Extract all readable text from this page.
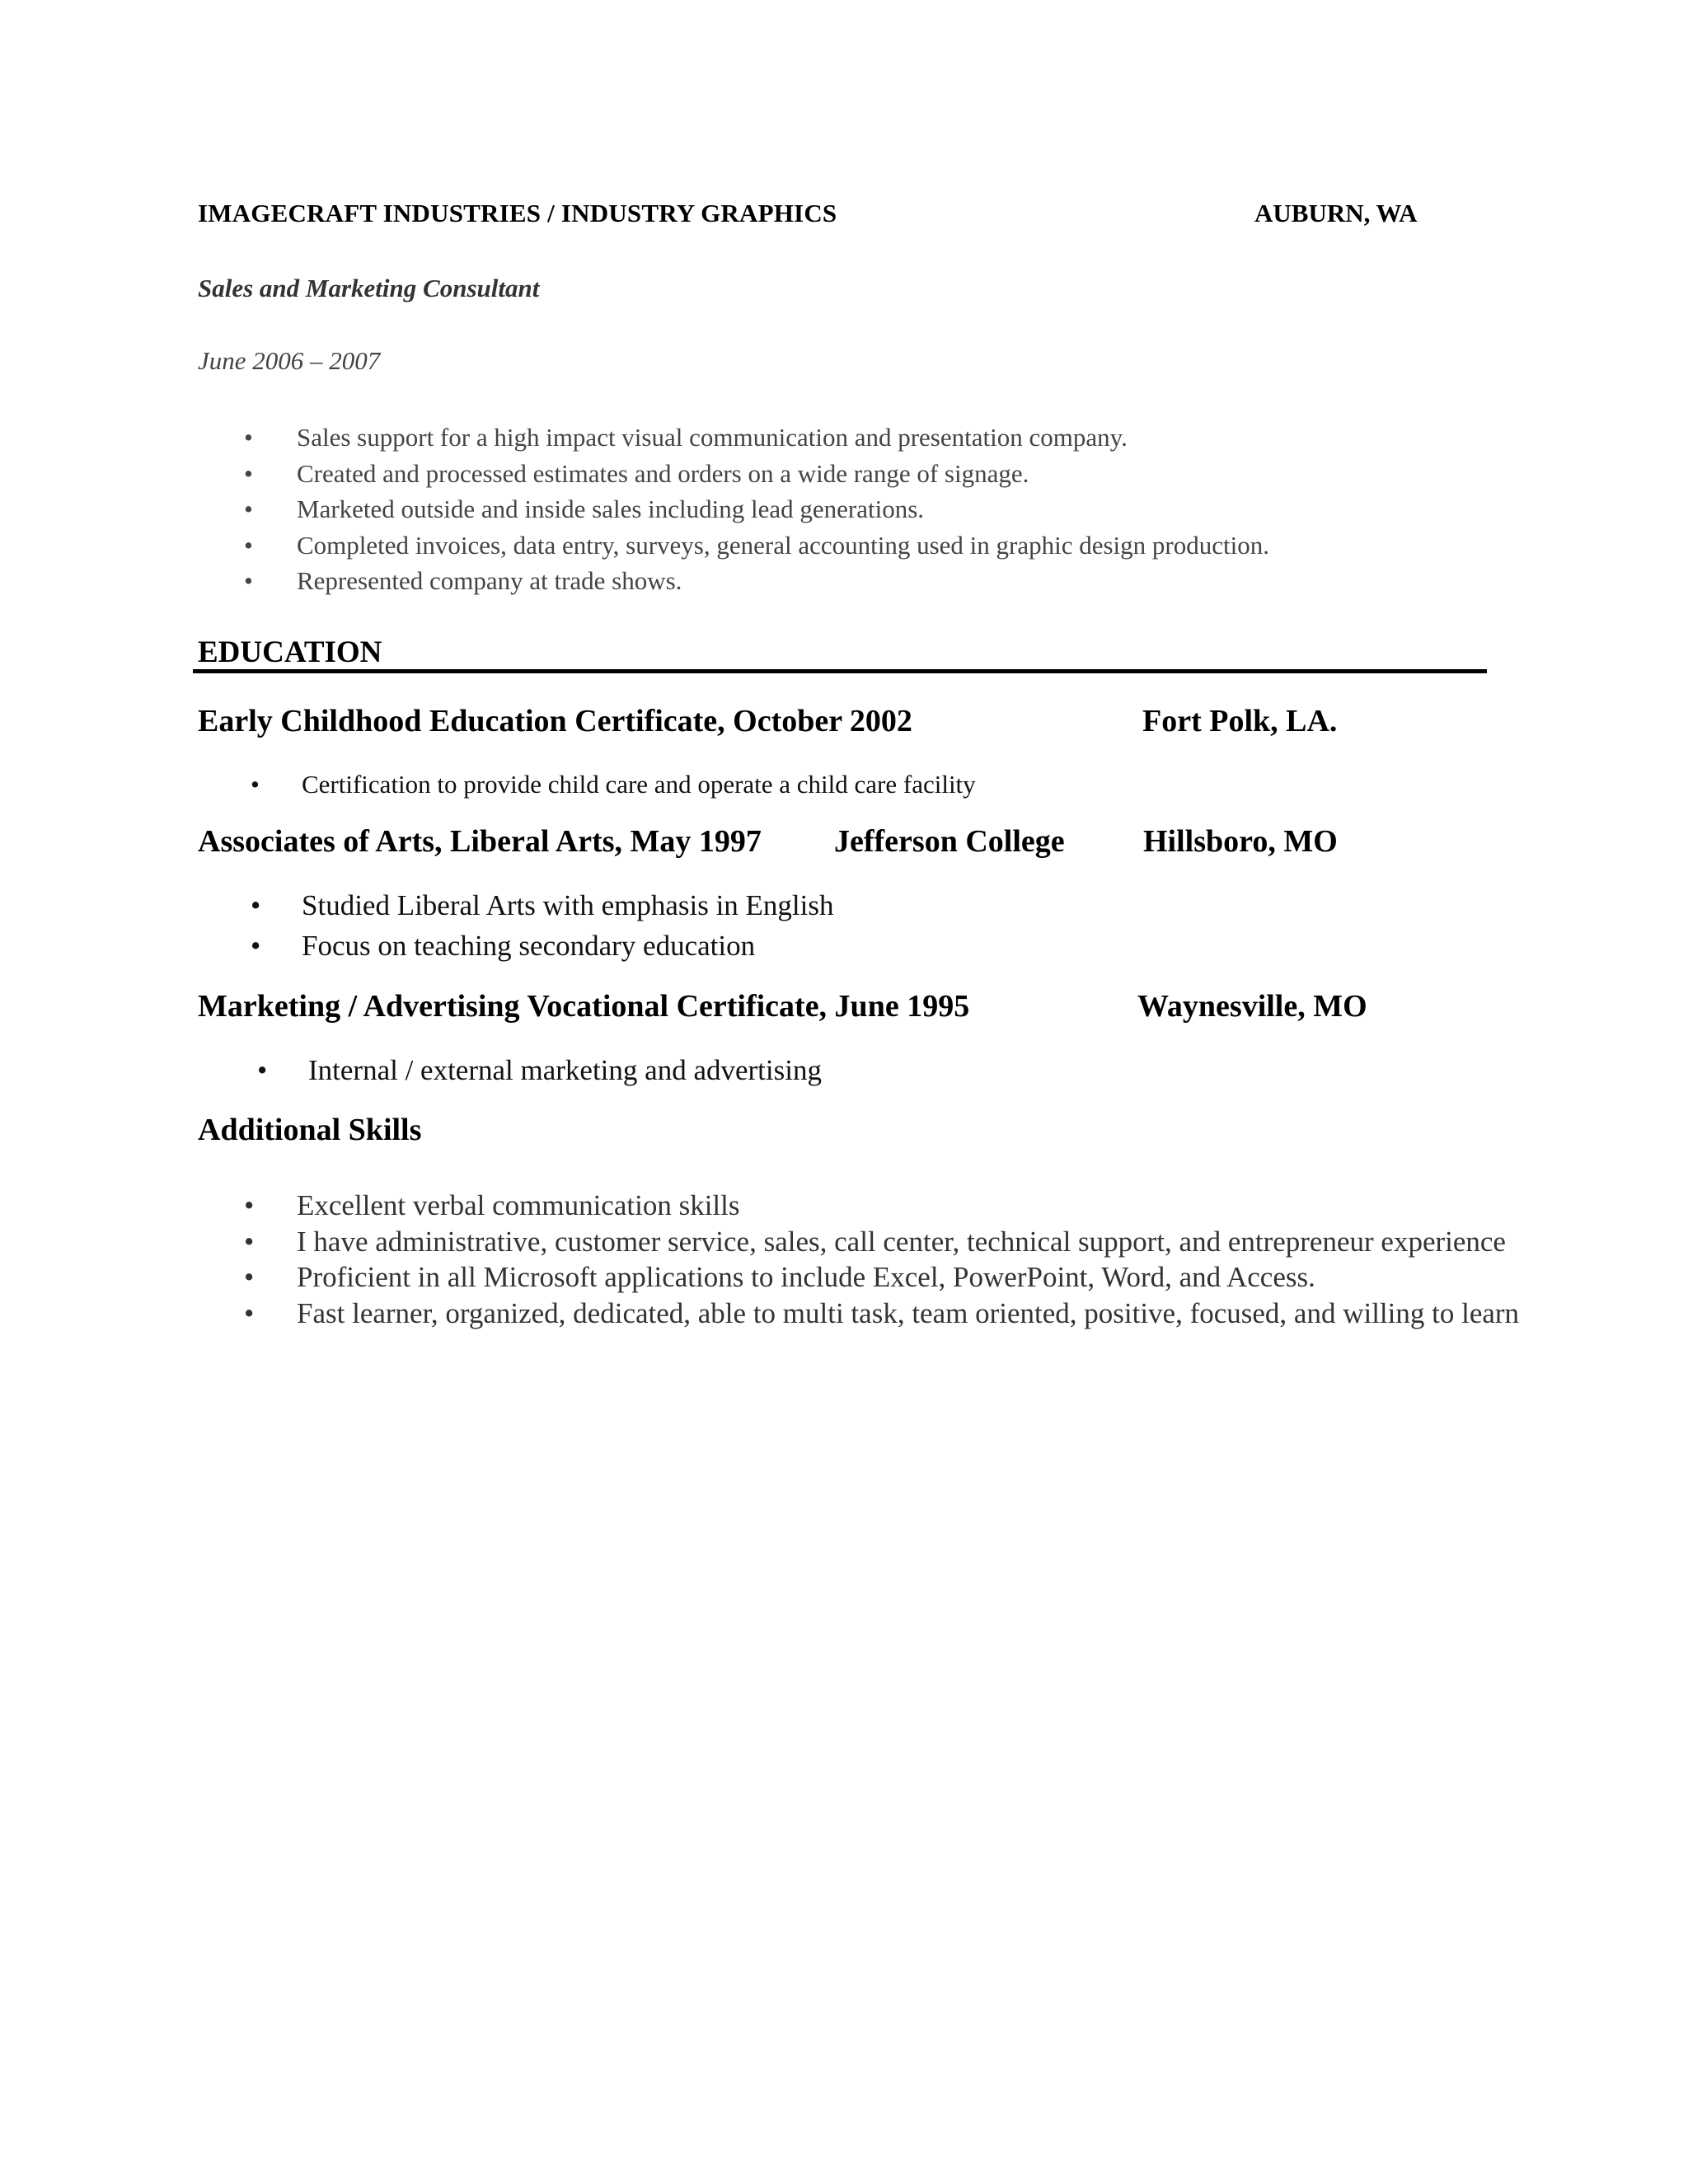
IMAGECRAFT INDUSTRIES / INDUSTRY GRAPHICS	AUBURN, WA
Sales and Marketing Consultant
June 2006 – 2007
• Sales support for a high impact visual communication and presentation company.
• Created and processed estimates and orders on a wide range of signage.
• Marketed outside and inside sales including lead generations.
• Completed invoices, data entry, surveys, general accounting used in graphic design production.
• Represented company at trade shows.
EDUCATION
Early Childhood Education Certificate, October 2002	Fort Polk, LA.
• Certification to provide child care and operate a child care facility
Associates of Arts, Liberal Arts, May 1997 Jefferson College	Hillsboro, MO
• Studied Liberal Arts with emphasis in English
• Focus on teaching secondary education
Marketing / Advertising Vocational Certificate, June 1995	Waynesville, MO
• Internal / external marketing and advertising
Additional Skills
• Excellent verbal communication skills
• I have administrative, customer service, sales, call center, technical support, and entrepreneur experience
• Proficient in all Microsoft applications to include Excel, PowerPoint, Word, and Access.
• Fast learner, organized, dedicated, able to multi task, team oriented, positive, focused, and willing to learn
